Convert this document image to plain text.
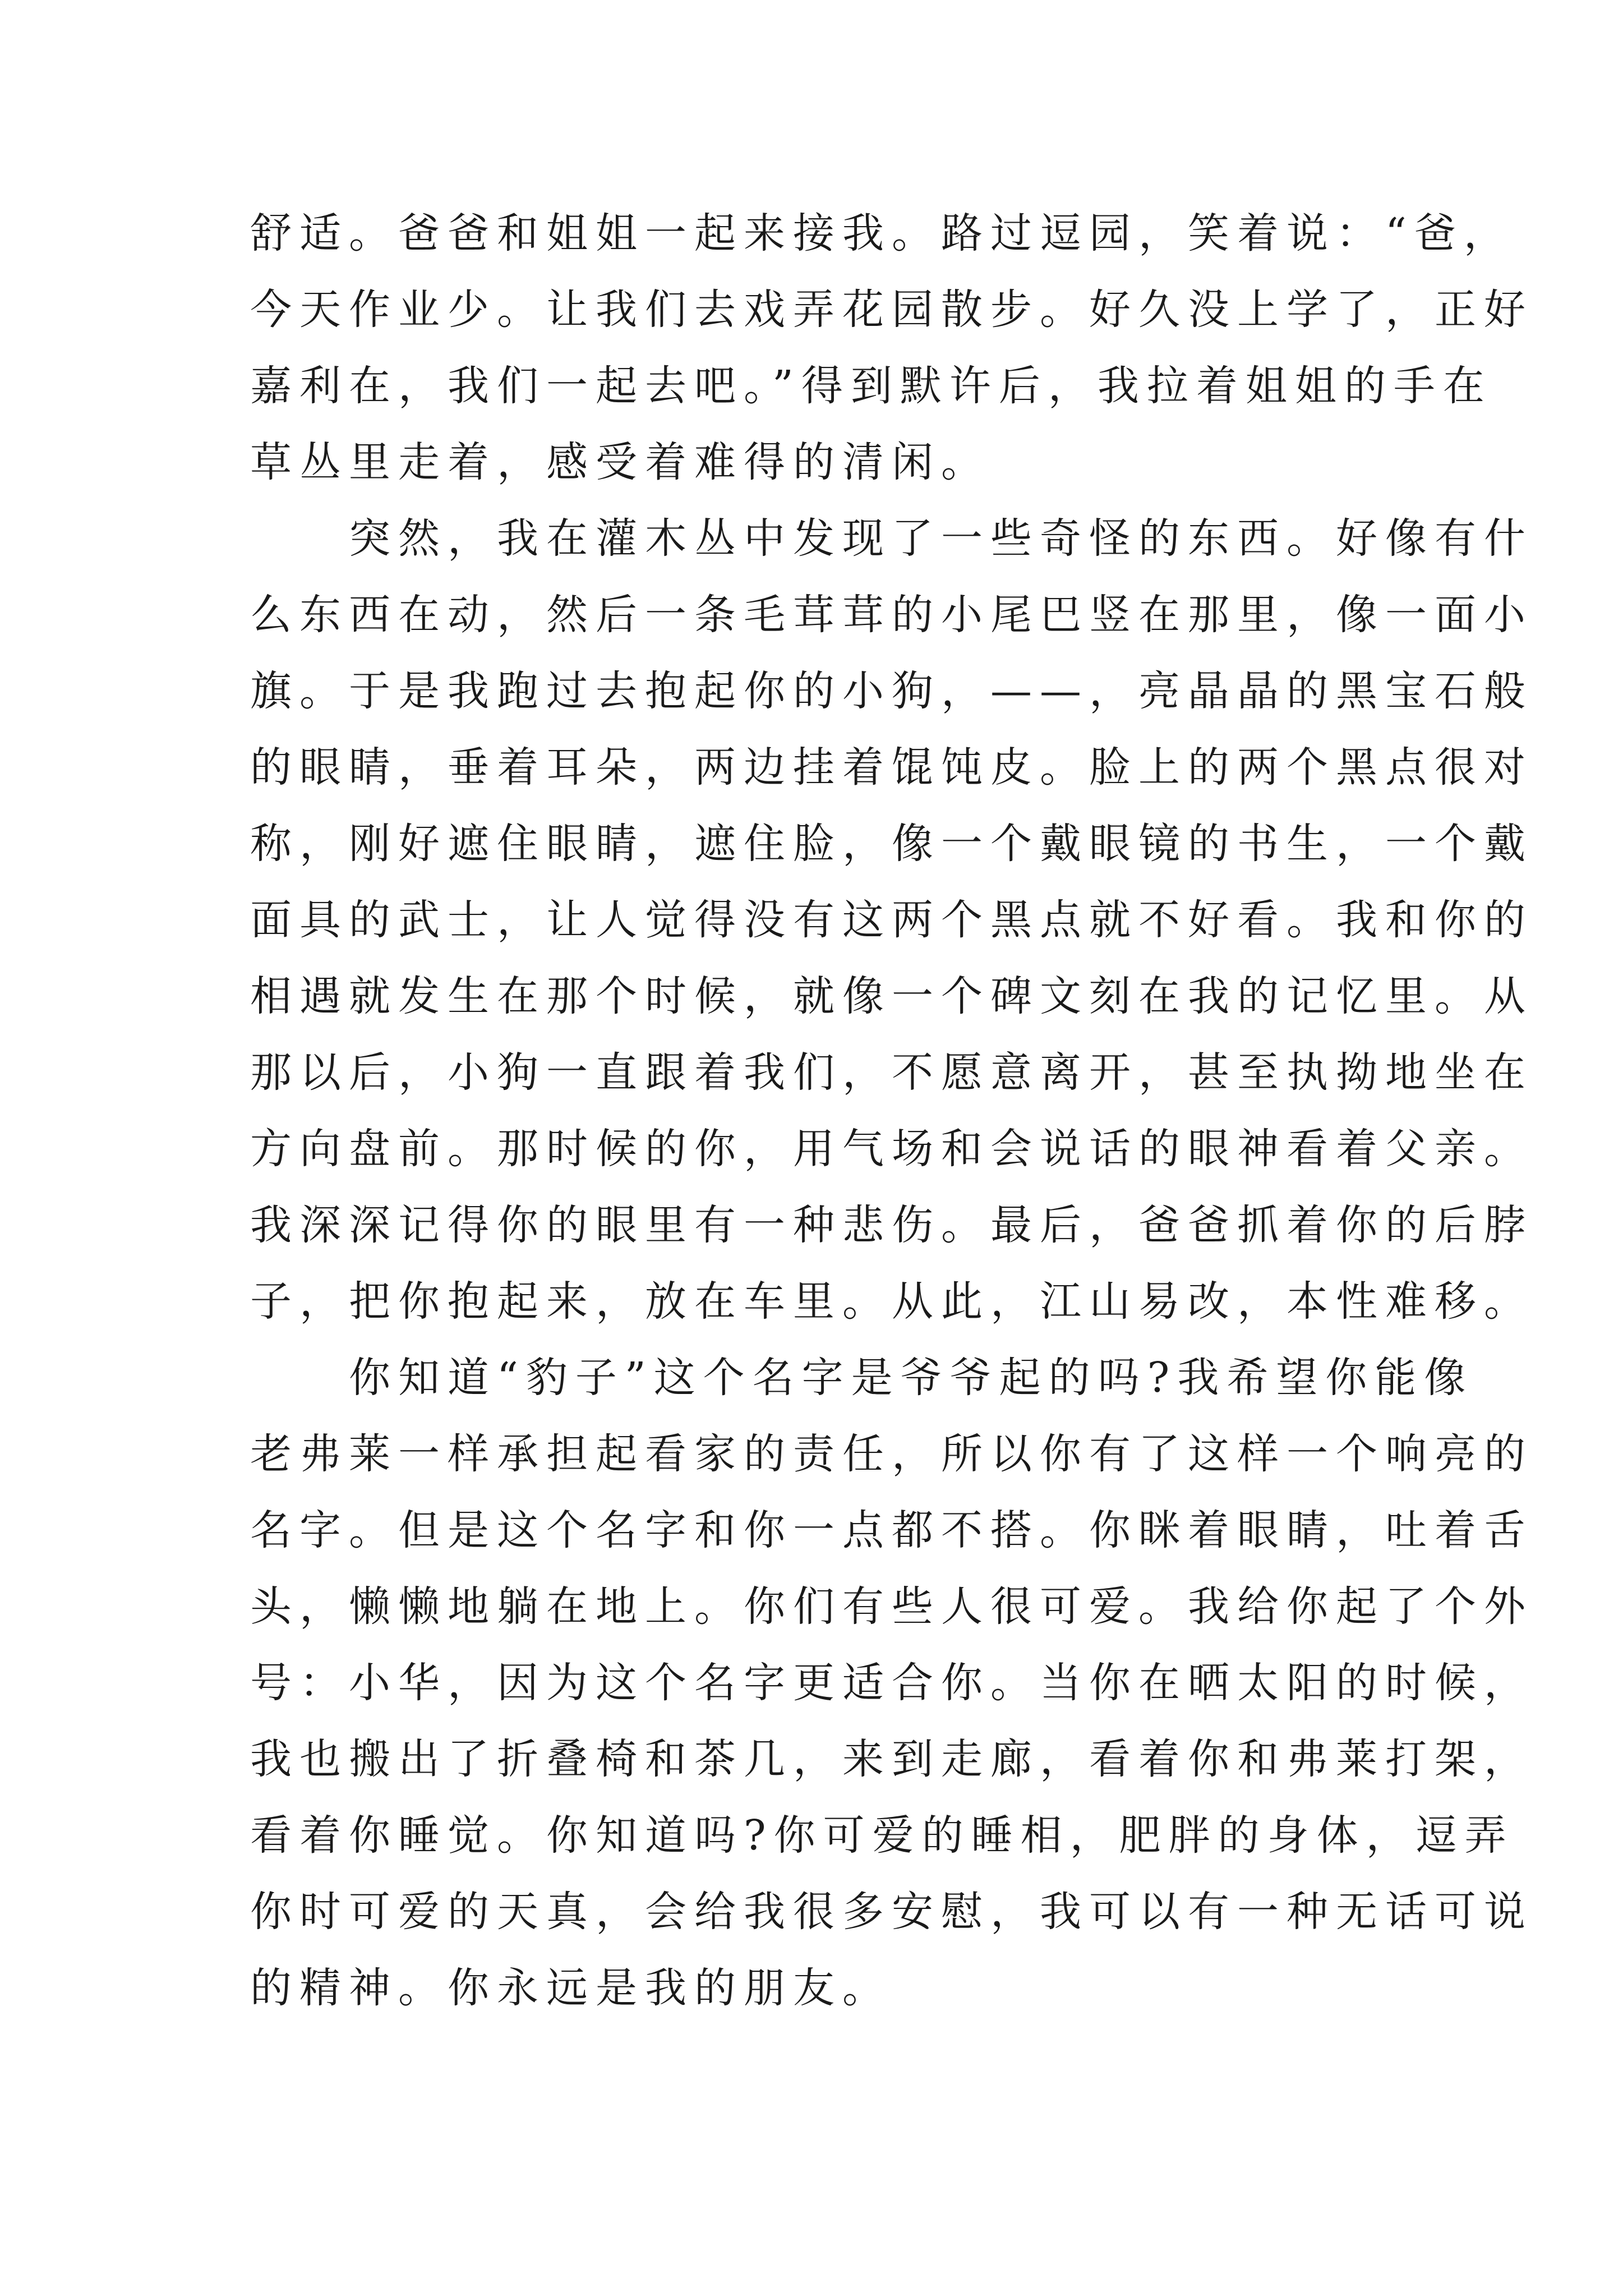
舒适。爸爸和姐姐一起来接我。路过逗园，笑着说：“爸，
今天作业少。让我们去戏弄花园散步。好久没上学了，正好
嘉利在，我们一起去吧。”得到默许后，我拉着姐姐的手在
草丛里走着，感受着难得的清闲。
　　突然，我在灌木丛中发现了一些奇怪的东西。好像有什
么东西在动，然后一条毛茸茸的小尾巴竖在那里，像一面小
旗。于是我跑过去抱起你的小狗，——，亮晶晶的黑宝石般
的眼睛，垂着耳朵，两边挂着馄饨皮。脸上的两个黑点很对
称，刚好遮住眼睛，遮住脸，像一个戴眼镜的书生，一个戴
面具的武士，让人觉得没有这两个黑点就不好看。我和你的
相遇就发生在那个时候，就像一个碑文刻在我的记忆里。从
那以后，小狗一直跟着我们，不愿意离开，甚至执拗地坐在
方向盘前。那时候的你，用气场和会说话的眼神看着父亲。
我深深记得你的眼里有一种悲伤。最后，爸爸抓着你的后脖
子，把你抱起来，放在车里。从此，江山易改，本性难移。
　　你知道“豹子”这个名字是爷爷起的吗?我希望你能像
老弗莱一样承担起看家的责任，所以你有了这样一个响亮的
名字。但是这个名字和你一点都不搭。你眯着眼睛，吐着舌
头，懒懒地躺在地上。你们有些人很可爱。我给你起了个外
号：小华，因为这个名字更适合你。当你在晒太阳的时候，
我也搬出了折叠椅和茶几，来到走廊，看着你和弗莱打架，
看着你睡觉。你知道吗?你可爱的睡相，肥胖的身体，逗弄
你时可爱的天真，会给我很多安慰，我可以有一种无话可说
的精神。你永远是我的朋友。
